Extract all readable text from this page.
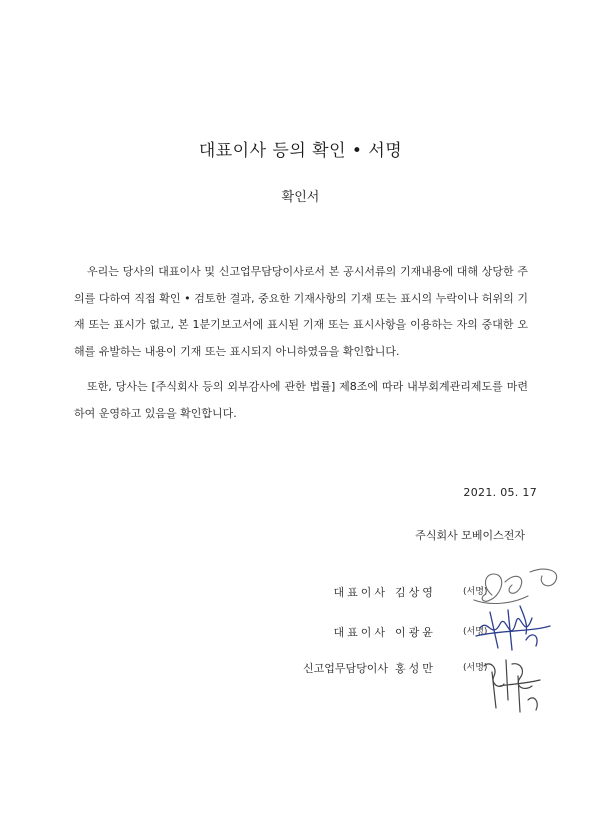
대표이사 등의 확인 • 서명
확인서
우리는 당사의 대표이사 및 신고업무담당이사로서 본 공시서류의 기재내용에 대해 상당한 주의를 다하여 직접 확인 • 검토한 결과, 중요한 기재사항의 기재 또는 표시의 누락이나 허위의 기재 또는 표시가 없고, 본 1분기보고서에 표시된 기재 또는 표시사항을 이용하는 자의 중대한 오해를 유발하는 내용이 기재 또는 표시되지 아니하였음을 확인합니다.
또한, 당사는 [주식회사 등의 외부감사에 관한 법률] 제8조에 따라 내부회계관리제도를 마련하여 운영하고 있음을 확인합니다.
2021. 05. 17
주식회사 모베이스전자
대표이사 김상영	(서명)
대표이사 이광윤	(서명)
신고업무담당이사 홍성만	(서명)
